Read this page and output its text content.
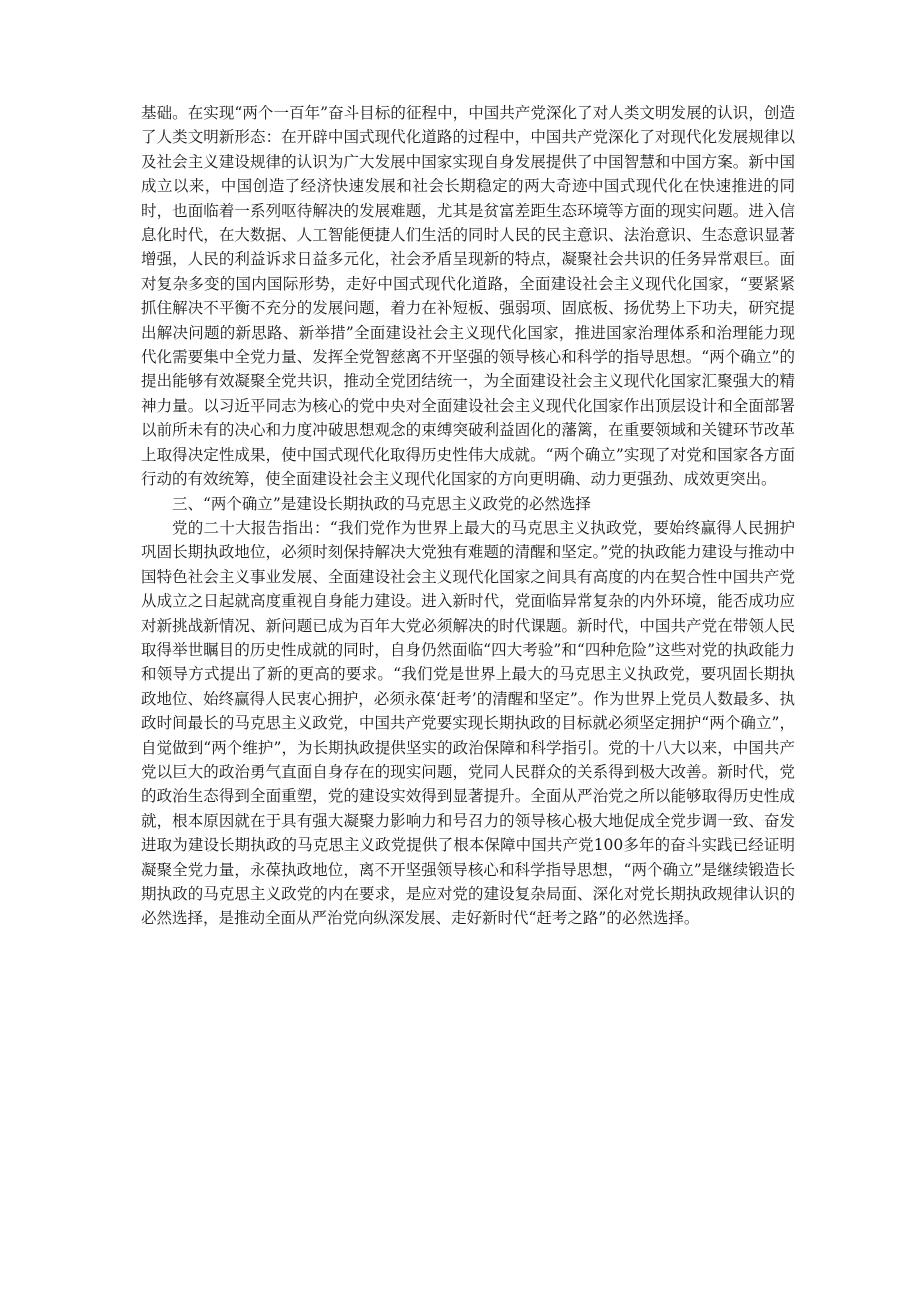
基础。在实现“两个一百年”奋斗目标的征程中，中国共产党深化了对人类文明发展的认识，创造了人类文明新形态：在开辟中国式现代化道路的过程中，中国共产党深化了对现代化发展规律以及社会主义建设规律的认识为广大发展中国家实现自身发展提供了中国智慧和中国方案。新中国成立以来，中国创造了经济快速发展和社会长期稳定的两大奇迹中国式现代化在快速推进的同时，也面临着一系列呕待解决的发展难题，尤其是贫富差距生态环境等方面的现实问题。进入信息化时代，在大数据、人工智能便捷人们生活的同时人民的民主意识、法治意识、生态意识显著增强，人民的利益诉求日益多元化，社会矛盾呈现新的特点，凝聚社会共识的任务异常艰巨。面对复杂多变的国内国际形势，走好中国式现代化道路，全面建设社会主义现代化国家，“要紧紧抓住解决不平衡不充分的发展问题，着力在补短板、强弱项、固底板、扬优势上下功夫，研究提出解决问题的新思路、新举措”全面建设社会主义现代化国家，推进国家治理体系和治理能力现代化需要集中全党力量、发挥全党智慈离不开坚强的领导核心和科学的指导思想。“两个确立”的提出能够有效凝聚全党共识，推动全党团结统一，为全面建设社会主义现代化国家汇聚强大的精神力量。以习近平同志为核心的党中央对全面建设社会主义现代化国家作出顶层设计和全面部署以前所未有的决心和力度冲破思想观念的束缚突破利益固化的藩篱，在重要领域和关键环节改革上取得决定性成果，使中国式现代化取得历史性伟大成就。“两个确立”实现了对党和国家各方面行动的有效统筹，使全面建设社会主义现代化国家的方向更明确、动力更强劲、成效更突出。

三、“两个确立”是建设长期执政的马克思主义政党的必然选择

党的二十大报告指出：“我们党作为世界上最大的马克思主义执政党，要始终赢得人民拥护巩固长期执政地位，必须时刻保持解决大党独有难题的清醒和坚定。”党的执政能力建设与推动中国特色社会主义事业发展、全面建设社会主义现代化国家之间具有高度的内在契合性中国共产党从成立之日起就高度重视自身能力建设。进入新时代，党面临异常复杂的内外环境，能否成功应对新挑战新情况、新问题已成为百年大党必须解决的时代课题。新时代，中国共产党在带领人民取得举世瞩目的历史性成就的同时，自身仍然面临“四大考验”和“四种危险”这些对党的执政能力和领导方式提出了新的更高的要求。“我们党是世界上最大的马克思主义执政党，要巩固长期执政地位、始终赢得人民衷心拥护，必须永葆‘赶考’的清醒和坚定”。作为世界上党员人数最多、执政时间最长的马克思主义政党，中国共产党要实现长期执政的目标就必须坚定拥护“两个确立”，自觉做到“两个维护”，为长期执政提供坚实的政治保障和科学指引。党的十八大以来，中国共产党以巨大的政治勇气直面自身存在的现实问题，党同人民群众的关系得到极大改善。新时代，党的政治生态得到全面重塑，党的建设实效得到显著提升。全面从严治党之所以能够取得历史性成就，根本原因就在于具有强大凝聚力影响力和号召力的领导核心极大地促成全党步调一致、奋发进取为建设长期执政的马克思主义政党提供了根本保障中国共产党100多年的奋斗实践已经证明凝聚全党力量，永葆执政地位，离不开坚强领导核心和科学指导思想，“两个确立”是继续锻造长期执政的马克思主义政党的内在要求，是应对党的建设复杂局面、深化对党长期执政规律认识的必然选择，是推动全面从严治党向纵深发展、走好新时代“赶考之路”的必然选择。
